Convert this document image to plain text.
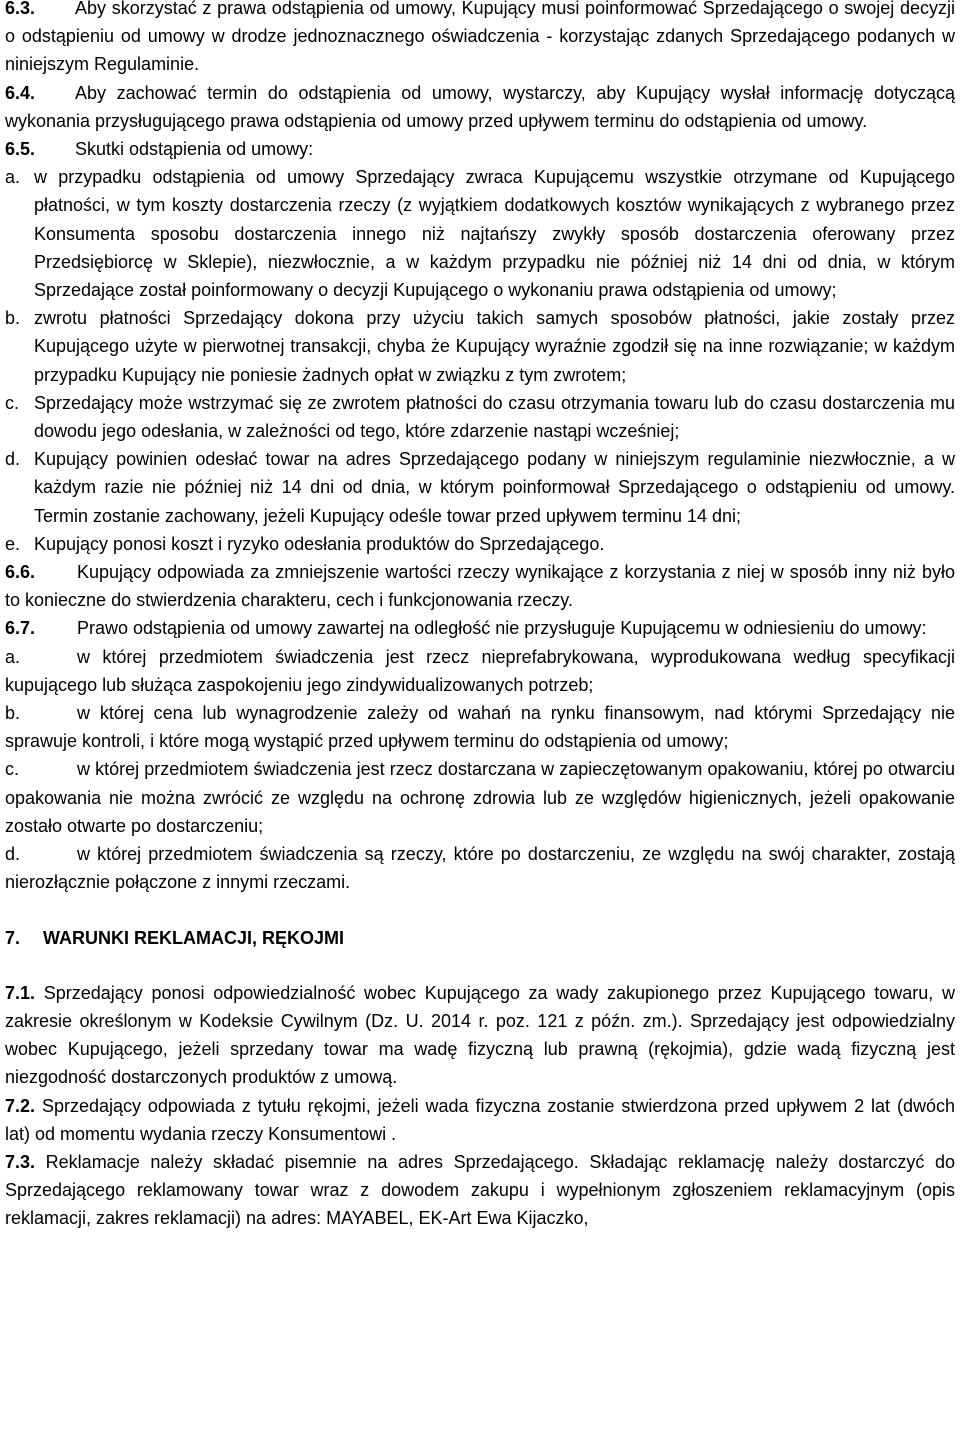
6.3. Aby skorzystać z prawa odstąpienia od umowy, Kupujący musi poinformować Sprzedającego o swojej decyzji o odstąpieniu od umowy w drodze jednoznacznego oświadczenia - korzystając zdanych Sprzedającego podanych w niniejszym Regulaminie.

6.4. Aby zachować termin do odstąpienia od umowy, wystarczy, aby Kupujący wysłał informację dotyczącą wykonania przysługującego prawa odstąpienia od umowy przed upływem terminu do odstąpienia od umowy.

6.5. Skutki odstąpienia od umowy:

a. w przypadku odstąpienia od umowy Sprzedający zwraca Kupującemu wszystkie otrzymane od Kupującego płatności, w tym koszty dostarczenia rzeczy (z wyjątkiem dodatkowych kosztów wynikających z wybranego przez Konsumenta sposobu dostarczenia innego niż najtańszy zwykły sposób dostarczenia oferowany przez Przedsiębiorcę w Sklepie), niezwłocznie, a w każdym przypadku nie później niż 14 dni od dnia, w którym Sprzedające został poinformowany o decyzji Kupującego o wykonaniu prawa odstąpienia od umowy;

b. zwrotu płatności Sprzedający dokona przy użyciu takich samych sposobów płatności, jakie zostały przez Kupującego użyte w pierwotnej transakcji, chyba że Kupujący wyraźnie zgodził się na inne rozwiązanie; w każdym przypadku Kupujący nie poniesie żadnych opłat w związku z tym zwrotem;

c. Sprzedający może wstrzymać się ze zwrotem płatności do czasu otrzymania towaru lub do czasu dostarczenia mu dowodu jego odesłania, w zależności od tego, które zdarzenie nastąpi wcześniej;

d. Kupujący powinien odesłać towar na adres Sprzedającego podany w niniejszym regulaminie niezwłocznie, a w każdym razie nie później niż 14 dni od dnia, w którym poinformował Sprzedającego o odstąpieniu od umowy. Termin zostanie zachowany, jeżeli Kupujący odeśle towar przed upływem terminu 14 dni;

e. Kupujący ponosi koszt i ryzyko odesłania produktów do Sprzedającego.

6.6. Kupujący odpowiada za zmniejszenie wartości rzeczy wynikające z korzystania z niej w sposób inny niż było to konieczne do stwierdzenia charakteru, cech i funkcjonowania rzeczy.

6.7. Prawo odstąpienia od umowy zawartej na odległość nie przysługuje Kupującemu w odniesieniu do umowy:

a.	w której przedmiotem świadczenia jest rzecz nieprefabrykowana, wyprodukowana według specyfikacji kupującego lub służąca zaspokojeniu jego zindywidualizowanych potrzeb;

b.	w której cena lub wynagrodzenie zależy od wahań na rynku finansowym, nad którymi Sprzedający nie sprawuje kontroli, i które mogą wystąpić przed upływem terminu do odstąpienia od umowy;

c.	w której przedmiotem świadczenia jest rzecz dostarczana w zapieczętowanym opakowaniu, której po otwarciu opakowania nie można zwrócić ze względu na ochronę zdrowia lub ze względów higienicznych, jeżeli opakowanie zostało otwarte po dostarczeniu;

d.	w której przedmiotem świadczenia są rzeczy, które po dostarczeniu, ze względu na swój charakter, zostają nierozłącznie połączone z innymi rzeczami.

7. WARUNKI REKLAMACJI, RĘKOJMI

7.1. Sprzedający ponosi odpowiedzialność wobec Kupującego za wady zakupionego przez Kupującego towaru, w zakresie określonym w Kodeksie Cywilnym (Dz. U. 2014 r. poz. 121 z późn. zm.). Sprzedający jest odpowiedzialny wobec Kupującego, jeżeli sprzedany towar ma wadę fizyczną lub prawną (rękojmia), gdzie wadą fizyczną jest niezgodność dostarczonych produktów z umową.

7.2. Sprzedający odpowiada z tytułu rękojmi, jeżeli wada fizyczna zostanie stwierdzona przed upływem 2 lat (dwóch lat) od momentu wydania rzeczy Konsumentowi .

7.3. Reklamacje należy składać pisemnie na adres Sprzedającego. Składając reklamację należy dostarczyć do Sprzedającego reklamowany towar wraz z dowodem zakupu i wypełnionym zgłoszeniem reklamacyjnym (opis reklamacji, zakres reklamacji) na adres: MAYABEL, EK-Art Ewa Kijaczko,
